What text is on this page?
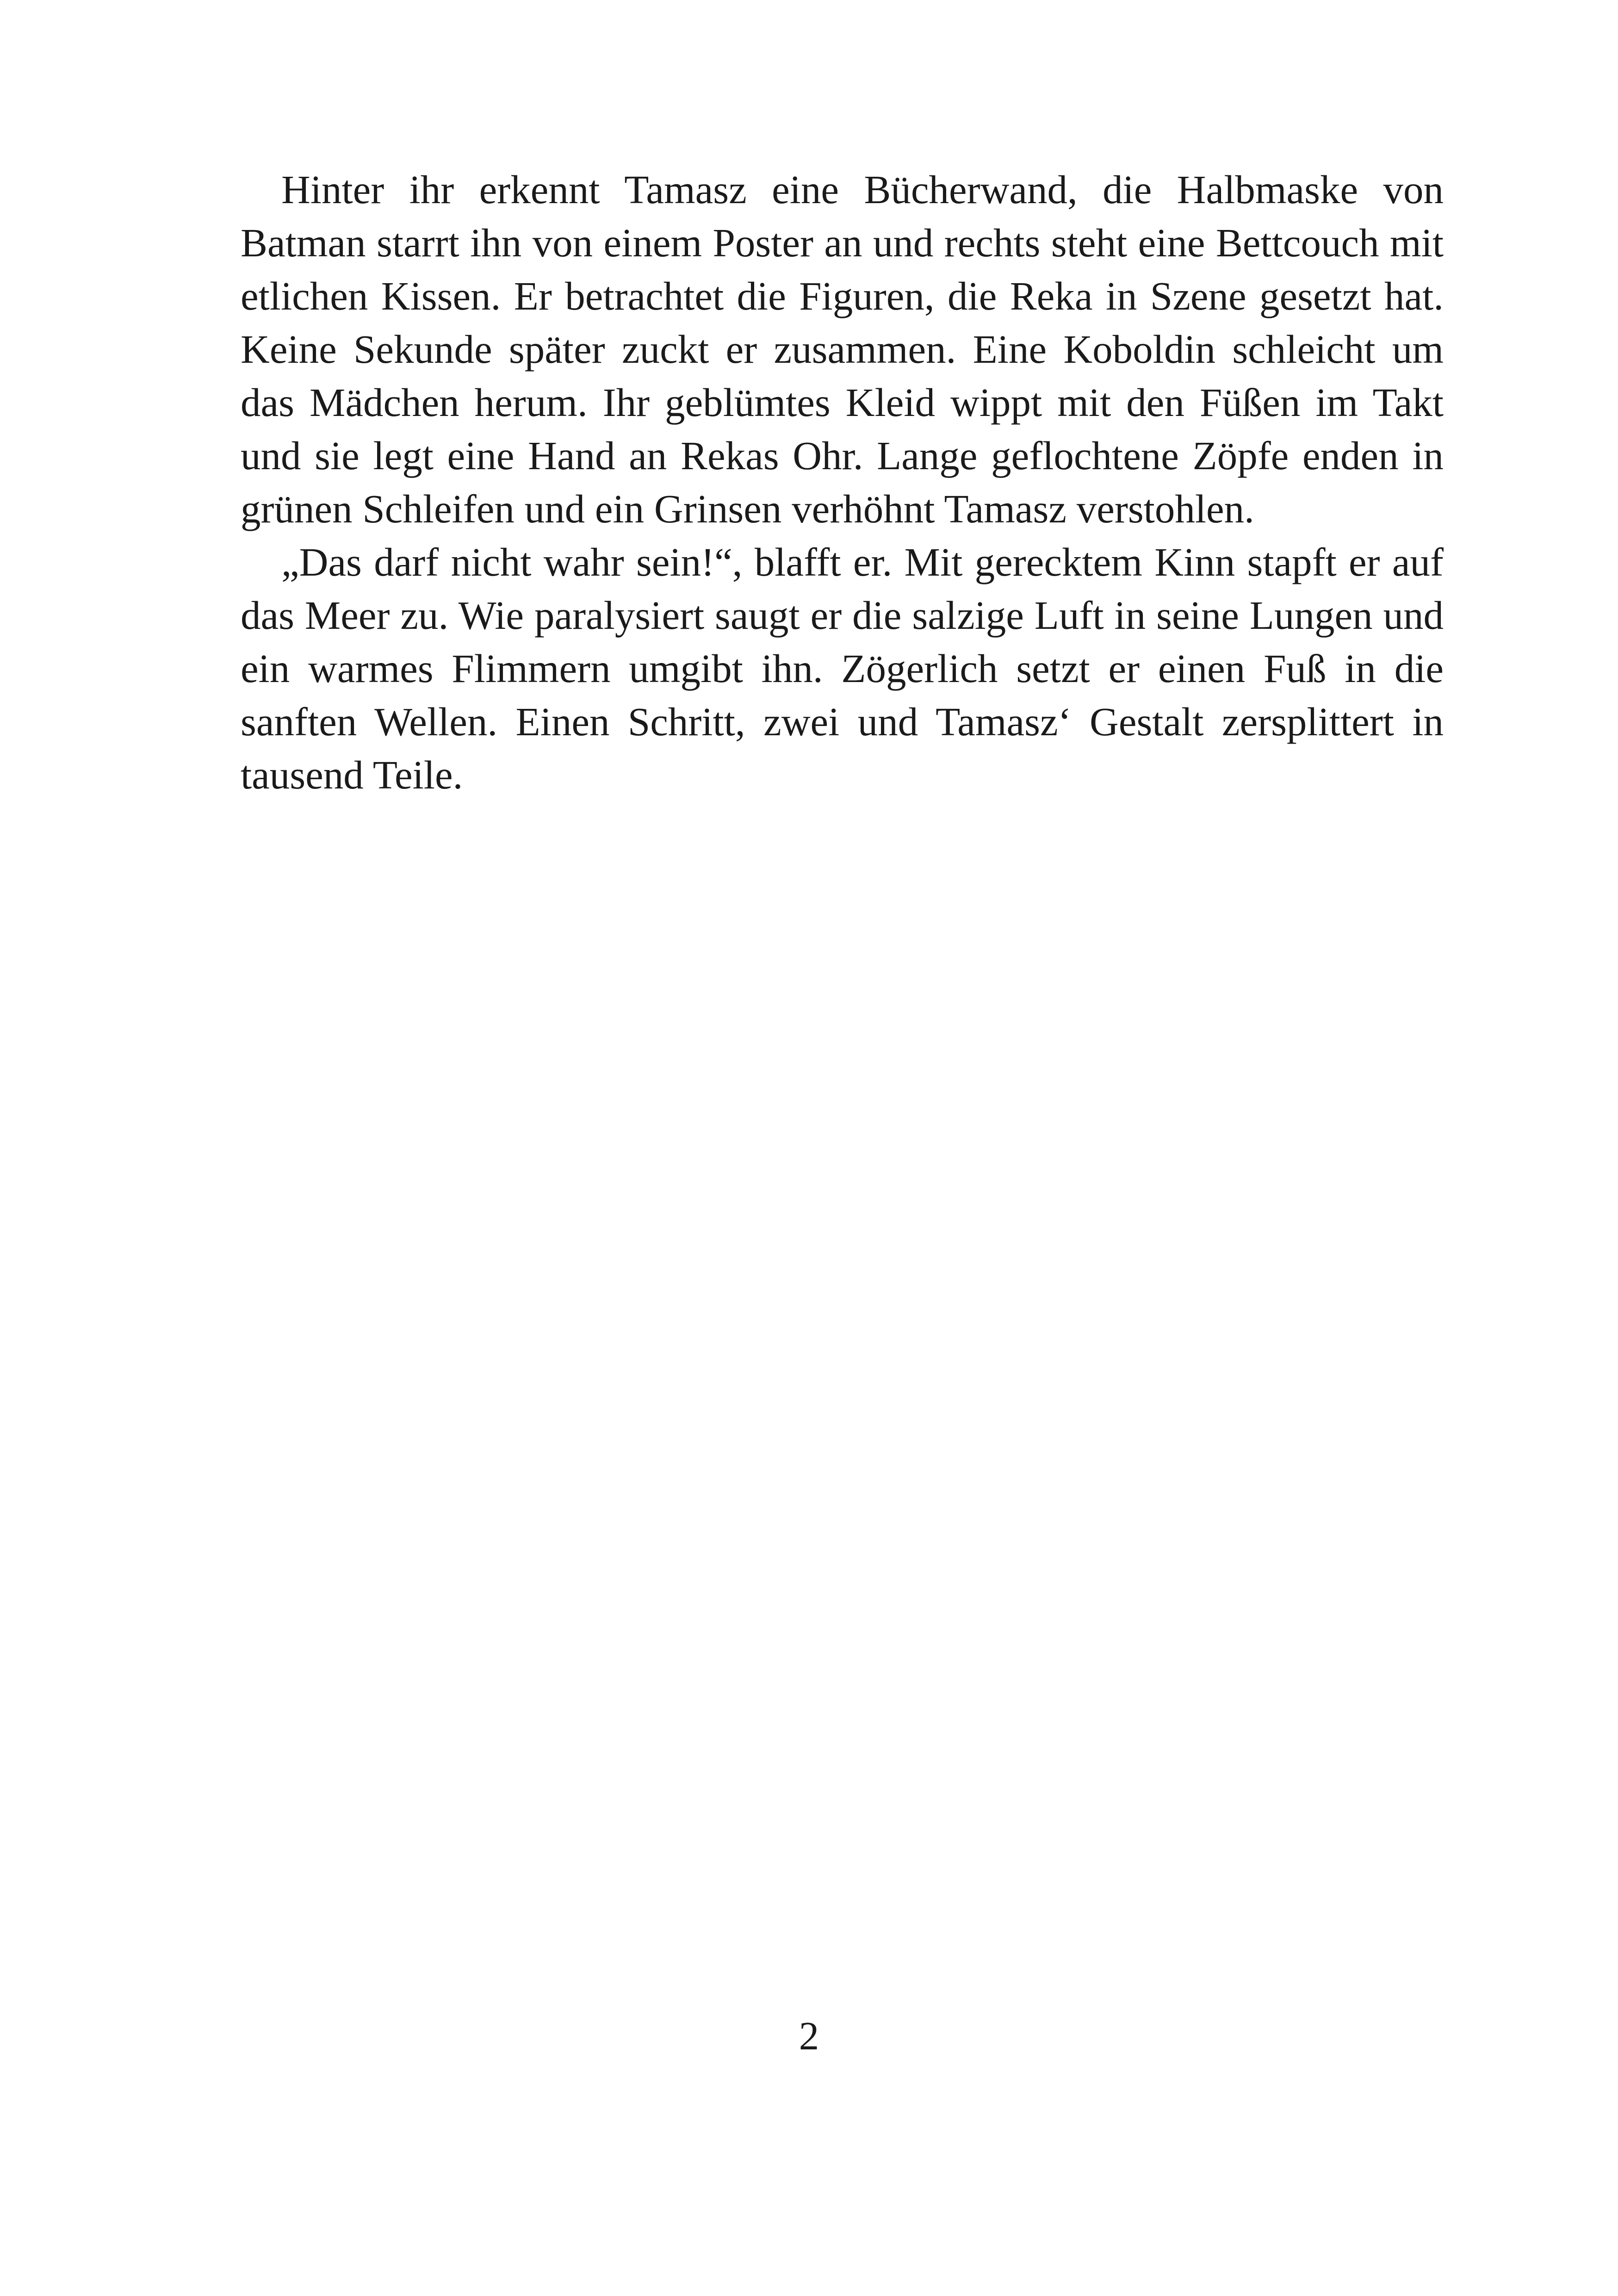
Hinter ihr erkennt Tamasz eine Bücherwand, die Halbmaske von Batman starrt ihn von einem Poster an und rechts steht eine Bettcouch mit etlichen Kissen. Er betrachtet die Figuren, die Reka in Szene gesetzt hat. Keine Sekunde später zuckt er zusammen. Eine Koboldin schleicht um das Mädchen herum. Ihr geblümtes Kleid wippt mit den Füßen im Takt und sie legt eine Hand an Rekas Ohr. Lange geflochtene Zöpfe enden in grünen Schleifen und ein Grinsen verhöhnt Tamasz verstohlen.

„Das darf nicht wahr sein!“, blafft er. Mit gerecktem Kinn stapft er auf das Meer zu. Wie paralysiert saugt er die salzige Luft in seine Lungen und ein warmes Flimmern umgibt ihn. Zögerlich setzt er einen Fuß in die sanften Wellen. Einen Schritt, zwei und Tamasz‘ Gestalt zersplittert in tausend Teile.

2
